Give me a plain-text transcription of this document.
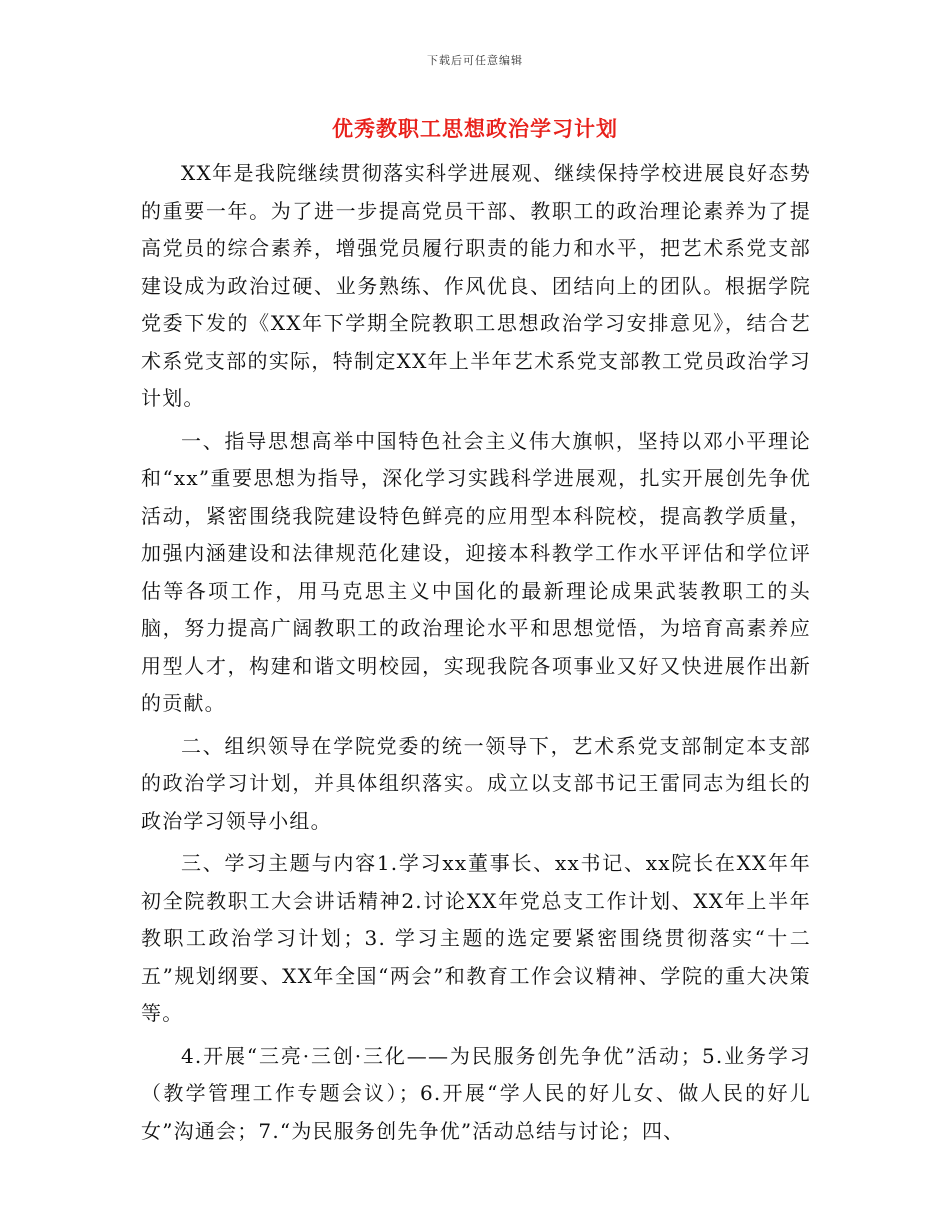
下载后可任意编辑
优秀教职工思想政治学习计划

XX年是我院继续贯彻落实科学进展观、继续保持学校进展良好态势的重要一年。为了进一步提高党员干部、教职工的政治理论素养为了提高党员的综合素养，增强党员履行职责的能力和水平，把艺术系党支部建设成为政治过硬、业务熟练、作风优良、团结向上的团队。根据学院党委下发的《XX年下学期全院教职工思想政治学习安排意见》，结合艺术系党支部的实际，特制定XX年上半年艺术系党支部教工党员政治学习计划。

一、指导思想高举中国特色社会主义伟大旗帜，坚持以邓小平理论和“xx”重要思想为指导，深化学习实践科学进展观，扎实开展创先争优活动，紧密围绕我院建设特色鲜亮的应用型本科院校，提高教学质量，加强内涵建设和法律规范化建设，迎接本科教学工作水平评估和学位评估等各项工作，用马克思主义中国化的最新理论成果武装教职工的头脑，努力提高广阔教职工的政治理论水平和思想觉悟，为培育高素养应用型人才，构建和谐文明校园，实现我院各项事业又好又快进展作出新的贡献。

二、组织领导在学院党委的统一领导下，艺术系党支部制定本支部的政治学习计划，并具体组织落实。成立以支部书记王雷同志为组长的政治学习领导小组。

三、学习主题与内容1.学习xx董事长、xx书记、xx院长在XX年年初全院教职工大会讲话精神2.讨论XX年党总支工作计划、XX年上半年教职工政治学习计划；3. 学习主题的选定要紧密围绕贯彻落实“十二五”规划纲要、XX年全国“两会”和教育工作会议精神、学院的重大决策等。

4.开展“三亮·三创·三化——为民服务创先争优”活动；5.业务学习（教学管理工作专题会议）；6.开展“学人民的好儿女、做人民的好儿女”沟通会；7.“为民服务创先争优”活动总结与讨论；四、
